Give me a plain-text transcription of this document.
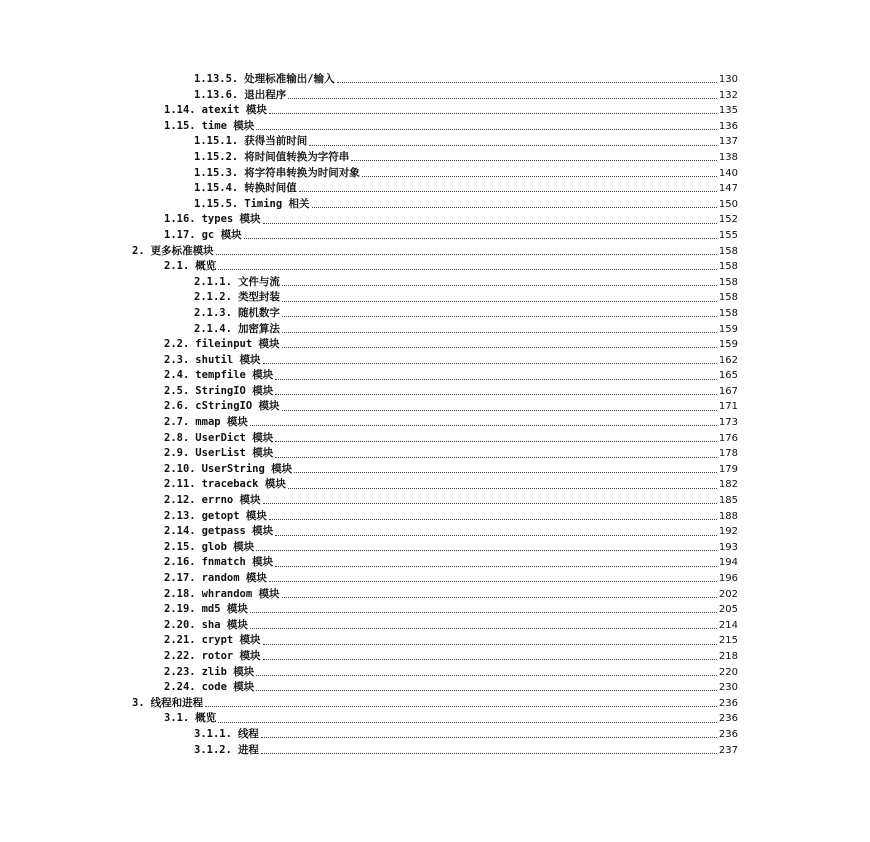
1.13.5. 处理标准输出/输入	130
1.13.6. 退出程序	132
1.14. atexit 模块	135
1.15. time 模块	136
1.15.1. 获得当前时间	137
1.15.2. 将时间值转换为字符串	138
1.15.3. 将字符串转换为时间对象	140
1.15.4. 转换时间值	147
1.15.5. Timing 相关	150
1.16. types 模块	152
1.17. gc 模块	155
2. 更多标准模块	158
2.1. 概览	158
2.1.1. 文件与流	158
2.1.2. 类型封装	158
2.1.3. 随机数字	158
2.1.4. 加密算法	159
2.2. fileinput 模块	159
2.3. shutil 模块	162
2.4. tempfile 模块	165
2.5. StringIO 模块	167
2.6. cStringIO 模块	171
2.7. mmap 模块	173
2.8. UserDict 模块	176
2.9. UserList 模块	178
2.10. UserString 模块	179
2.11. traceback 模块	182
2.12. errno 模块	185
2.13. getopt 模块	188
2.14. getpass 模块	192
2.15. glob 模块	193
2.16. fnmatch 模块	194
2.17. random 模块	196
2.18. whrandom 模块	202
2.19. md5 模块	205
2.20. sha 模块	214
2.21. crypt 模块	215
2.22. rotor 模块	218
2.23. zlib 模块	220
2.24. code 模块	230
3. 线程和进程	236
3.1. 概览	236
3.1.1. 线程	236
3.1.2. 进程	237
